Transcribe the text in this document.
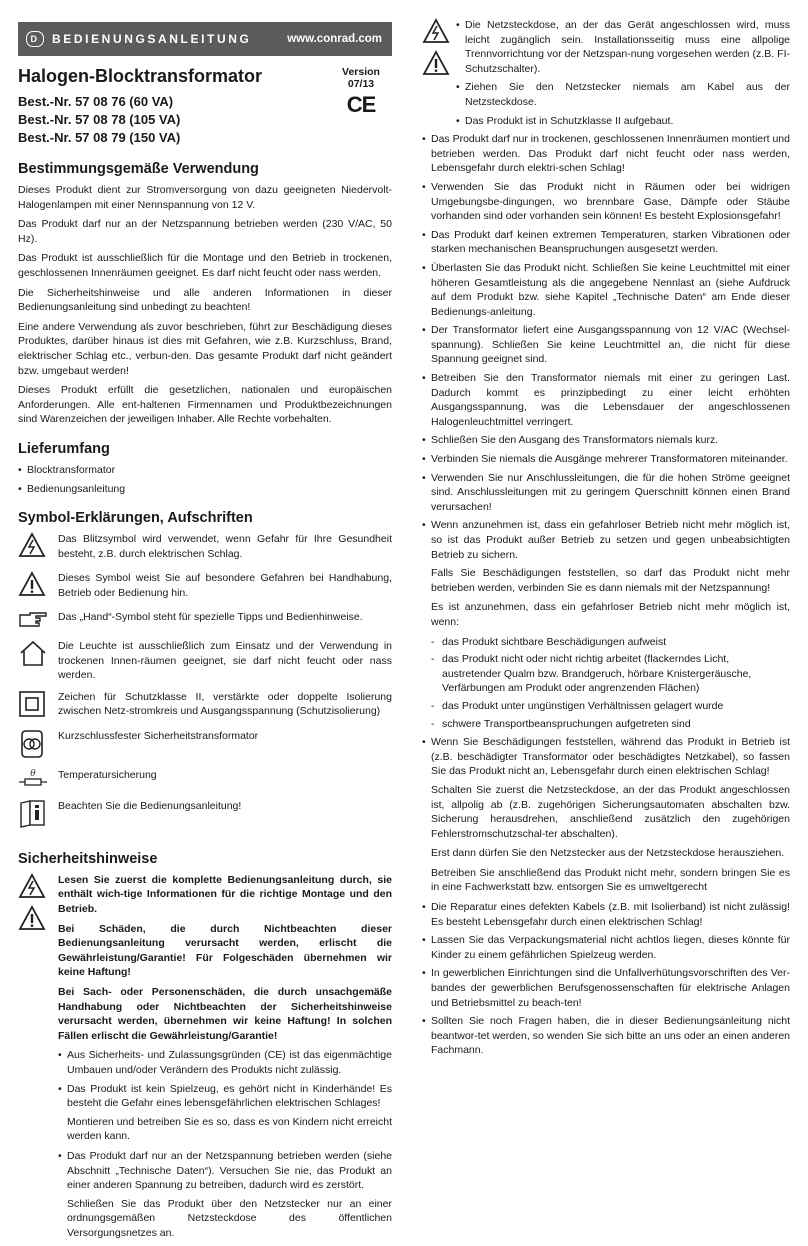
D	BEDIENUNGSANLEITUNG	www.conrad.com
Halogen-Blocktransformator
Best.-Nr. 57 08 76 (60 VA)
Best.-Nr. 57 08 78 (105 VA)
Best.-Nr. 57 08 79 (150 VA)
Version 07/13
CE
Bestimmungsgemäße Verwendung

Dieses Produkt dient zur Stromversorgung von dazu geeigneten Niedervolt-Halogenlampen mit einer Nennspannung von 12 V.

Das Produkt darf nur an der Netzspannung betrieben werden (230 V/AC, 50 Hz).

Das Produkt ist ausschließlich für die Montage und den Betrieb in trockenen, geschlossenen Innenräumen geeignet. Es darf nicht feucht oder nass werden.

Die Sicherheitshinweise und alle anderen Informationen in dieser Bedienungsanleitung sind unbedingt zu beachten!

Eine andere Verwendung als zuvor beschrieben, führt zur Beschädigung dieses Produktes, darüber hinaus ist dies mit Gefahren, wie z.B. Kurzschluss, Brand, elektrischer Schlag etc., verbun-den. Das gesamte Produkt darf nicht geändert bzw. umgebaut werden!

Dieses Produkt erfüllt die gesetzlichen, nationalen und europäischen Anforderungen. Alle ent-haltenen Firmennamen und Produktbezeichnungen sind Warenzeichen der jeweiligen Inhaber. Alle Rechte vorbehalten.

Lieferumfang
• Blocktransformator
• Bedienungsanleitung
Symbol-Erklärungen, Aufschriften
Das Blitzsymbol wird verwendet, wenn Gefahr für Ihre Gesundheit besteht, z.B. durch elektrischen Schlag.
Dieses Symbol weist Sie auf besondere Gefahren bei Handhabung, Betrieb oder Bedienung hin.
Das „Hand“-Symbol steht für spezielle Tipps und Bedienhinweise.
Die Leuchte ist ausschließlich zum Einsatz und der Verwendung in trockenen Innen-räumen geeignet, sie darf nicht feucht oder nass werden.
Zeichen für Schutzklasse II, verstärkte oder doppelte Isolierung zwischen Netz-stromkreis und Ausgangsspannung (Schutzisolierung)
Kurzschlussfester Sicherheitstransformator
θ Temperatursicherung
Beachten Sie die Bedienungsanleitung!
Sicherheitshinweise

Lesen Sie zuerst die komplette Bedienungsanleitung durch, sie enthält wich-tige Informationen für die richtige Montage und den Betrieb.

Bei Schäden, die durch Nichtbeachten dieser Bedienungsanleitung verursacht werden, erlischt die Gewährleistung/Garantie! Für Folgeschäden übernehmen wir keine Haftung!

Bei Sach- oder Personenschäden, die durch unsachgemäße Handhabung oder Nichtbeachten der Sicherheitshinweise verursacht werden, übernehmen wir keine Haftung! In solchen Fällen erlischt die Gewährleistung/Garantie!

• Aus Sicherheits- und Zulassungsgründen (CE) ist das eigenmächtige Umbauen und/oder Verändern des Produkts nicht zulässig.
• Das Produkt ist kein Spielzeug, es gehört nicht in Kinderhände! Es besteht die Gefahr eines lebensgefährlichen elektrischen Schlages!

Montieren und betreiben Sie es so, dass es von Kindern nicht erreicht werden kann.

• Das Produkt darf nur an der Netzspannung betrieben werden (siehe Abschnitt „Technische Daten“). Versuchen Sie nie, das Produkt an einer anderen Spannung zu betreiben, dadurch wird es zerstört.

Schließen Sie das Produkt über den Netzstecker nur an einer ordnungsgemäßen Netzsteckdose des öffentlichen Versorgungsnetzes an.

• Die Netzsteckdose, an der das Gerät angeschlossen wird, muss leicht zugänglich sein. Installationsseitig muss eine allpolige Trennvorrichtung vor der Netzspan-nung vorgesehen werden (z.B. FI-Schutzschalter).
• Ziehen Sie den Netzstecker niemals am Kabel aus der Netzsteckdose.
• Das Produkt ist in Schutzklasse II aufgebaut.
• Das Produkt darf nur in trockenen, geschlossenen Innenräumen montiert und betrieben werden. Das Produkt darf nicht feucht oder nass werden, Lebensgefahr durch elektri-schen Schlag!
• Verwenden Sie das Produkt nicht in Räumen oder bei widrigen Umgebungsbe-dingungen, wo brennbare Gase, Dämpfe oder Stäube vorhanden sind oder vorhanden sein können! Es besteht Explosionsgefahr!
• Das Produkt darf keinen extremen Temperaturen, starken Vibrationen oder starken mechanischen Beanspruchungen ausgesetzt werden.
• Überlasten Sie das Produkt nicht. Schließen Sie keine Leuchtmittel mit einer höheren Gesamtleistung als die angegebene Nennlast an (siehe Aufdruck auf dem Produkt bzw. siehe Kapitel „Technische Daten“ am Ende dieser Bedienungs-anleitung.
• Der Transformator liefert eine Ausgangsspannung von 12 V/AC (Wechsel-spannung). Schließen Sie keine Leuchtmittel an, die nicht für diese Spannung geeignet sind.
• Betreiben Sie den Transformator niemals mit einer zu geringen Last. Dadurch kommt es prinzipbedingt zu einer leicht erhöhten Ausgangsspannung, was die Lebensdauer der angeschlossenen Halogenleuchtmittel verringert.
• Schließen Sie den Ausgang des Transformators niemals kurz.
• Verbinden Sie niemals die Ausgänge mehrerer Transformatoren miteinander.
• Verwenden Sie nur Anschlussleitungen, die für die hohen Ströme geeignet sind. Anschlussleitungen mit zu geringem Querschnitt können einen Brand verursachen!
• Wenn anzunehmen ist, dass ein gefahrloser Betrieb nicht mehr möglich ist, so ist das Produkt außer Betrieb zu setzen und gegen unbeabsichtigten Betrieb zu sichern.

Falls Sie Beschädigungen feststellen, so darf das Produkt nicht mehr betrieben werden, verbinden Sie es dann niemals mit der Netzspannung!

Es ist anzunehmen, dass ein gefahrloser Betrieb nicht mehr möglich ist, wenn:

- das Produkt sichtbare Beschädigungen aufweist
- das Produkt nicht oder nicht richtig arbeitet (flackerndes Licht, austretender Qualm bzw. Brandgeruch, hörbare Knistergeräusche, Verfärbungen am Produkt oder angrenzenden Flächen)
- das Produkt unter ungünstigen Verhältnissen gelagert wurde
- schwere Transportbeanspruchungen aufgetreten sind
• Wenn Sie Beschädigungen feststellen, während das Produkt in Betrieb ist (z.B. beschädigter Transformator oder beschädigtes Netzkabel), so fassen Sie das Produkt nicht an, Lebensgefahr durch einen elektrischen Schlag!

Schalten Sie zuerst die Netzsteckdose, an der das Produkt angeschlossen ist, allpolig ab (z.B. zugehörigen Sicherungsautomaten abschalten bzw. Sicherung herausdrehen, anschließend zusätzlich den zugehörigen Fehlerstromschutzschal-ter abschalten).

Erst dann dürfen Sie den Netzstecker aus der Netzsteckdose herausziehen.

Betreiben Sie anschließend das Produkt nicht mehr, sondern bringen Sie es in eine Fachwerkstatt bzw. entsorgen Sie es umweltgerecht

• Die Reparatur eines defekten Kabels (z.B. mit Isolierband) ist nicht zulässig! Es besteht Lebensgefahr durch einen elektrischen Schlag!
• Lassen Sie das Verpackungsmaterial nicht achtlos liegen, dieses könnte für Kinder zu einem gefährlichen Spielzeug werden.
• In gewerblichen Einrichtungen sind die Unfallverhütungsvorschriften des Ver-bandes der gewerblichen Berufsgenossenschaften für elektrische Anlagen und Betriebsmittel zu beach-ten!
• Sollten Sie noch Fragen haben, die in dieser Bedienungsanleitung nicht beantwor-tet werden, so wenden Sie sich bitte an uns oder an einen anderen Fachmann.
